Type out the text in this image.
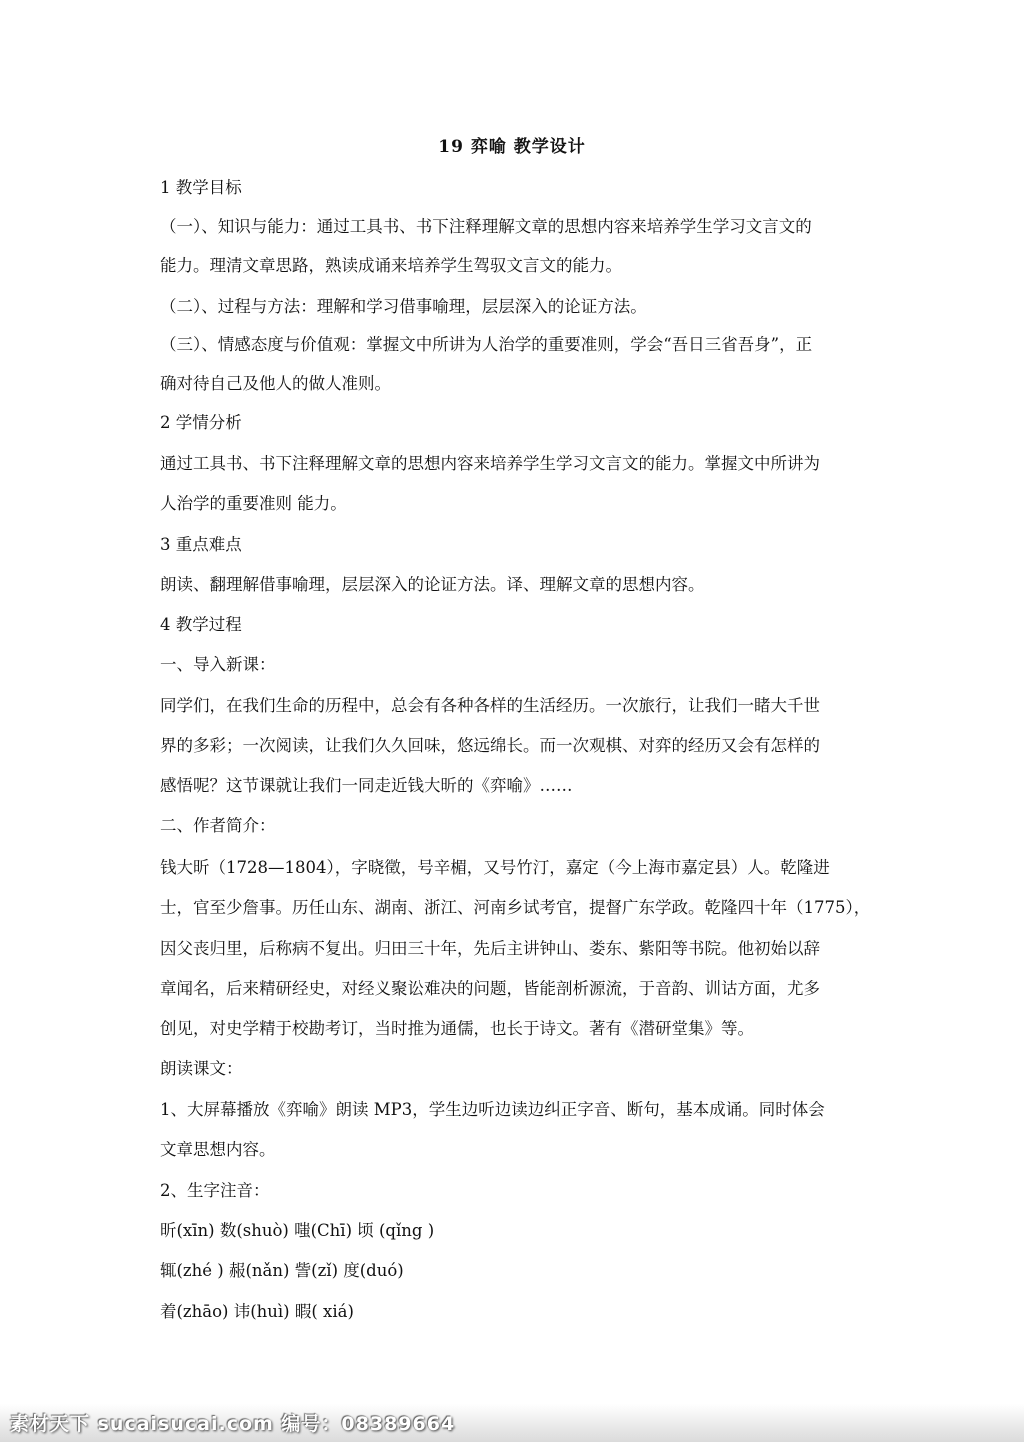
19 弈喻 教学设计
1 教学目标
（一）、知识与能力：通过工具书、书下注释理解文章的思想内容来培养学生学习文言文的
能力。理清文章思路，熟读成诵来培养学生驾驭文言文的能力。
（二）、过程与方法：理解和学习借事喻理，层层深入的论证方法。
（三）、情感态度与价值观：掌握文中所讲为人治学的重要准则，学会“吾日三省吾身”，正
确对待自己及他人的做人准则。
2 学情分析
通过工具书、书下注释理解文章的思想内容来培养学生学习文言文的能力。掌握文中所讲为
人治学的重要准则 能力。
3 重点难点
朗读、翻理解借事喻理，层层深入的论证方法。译、理解文章的思想内容。
4 教学过程
一、导入新课：
同学们，在我们生命的历程中，总会有各种各样的生活经历。一次旅行，让我们一睹大千世
界的多彩；一次阅读，让我们久久回味，悠远绵长。而一次观棋、对弈的经历又会有怎样的
感悟呢？这节课就让我们一同走近钱大昕的《弈喻》……
二、作者简介：
钱大昕（1728—1804），字晓徵，号辛楣，又号竹汀，嘉定（今上海市嘉定县）人。乾隆进
士，官至少詹事。历任山东、湖南、浙江、河南乡试考官，提督广东学政。乾隆四十年（1775），
因父丧归里，后称病不复出。归田三十年，先后主讲钟山、娄东、紫阳等书院。他初始以辞
章闻名，后来精研经史，对经义聚讼难决的问题，皆能剖析源流，于音韵、训诂方面，尤多
创见，对史学精于校勘考订，当时推为通儒，也长于诗文。著有《潜研堂集》等。
朗读课文：
1、大屏幕播放《弈喻》朗读 MP3，学生边听边读边纠正字音、断句，基本成诵。同时体会
文章思想内容。
2、生字注音：
昕(xīn) 数(shuò) 嗤(Chī) 顷 (qǐng )
辄(zhé ) 赧(nǎn) 訾(zǐ) 度(duó)
着(zhāo) 讳(huì) 暇( xiá)
素材天下 sucaisucai.com 编号：08389664
